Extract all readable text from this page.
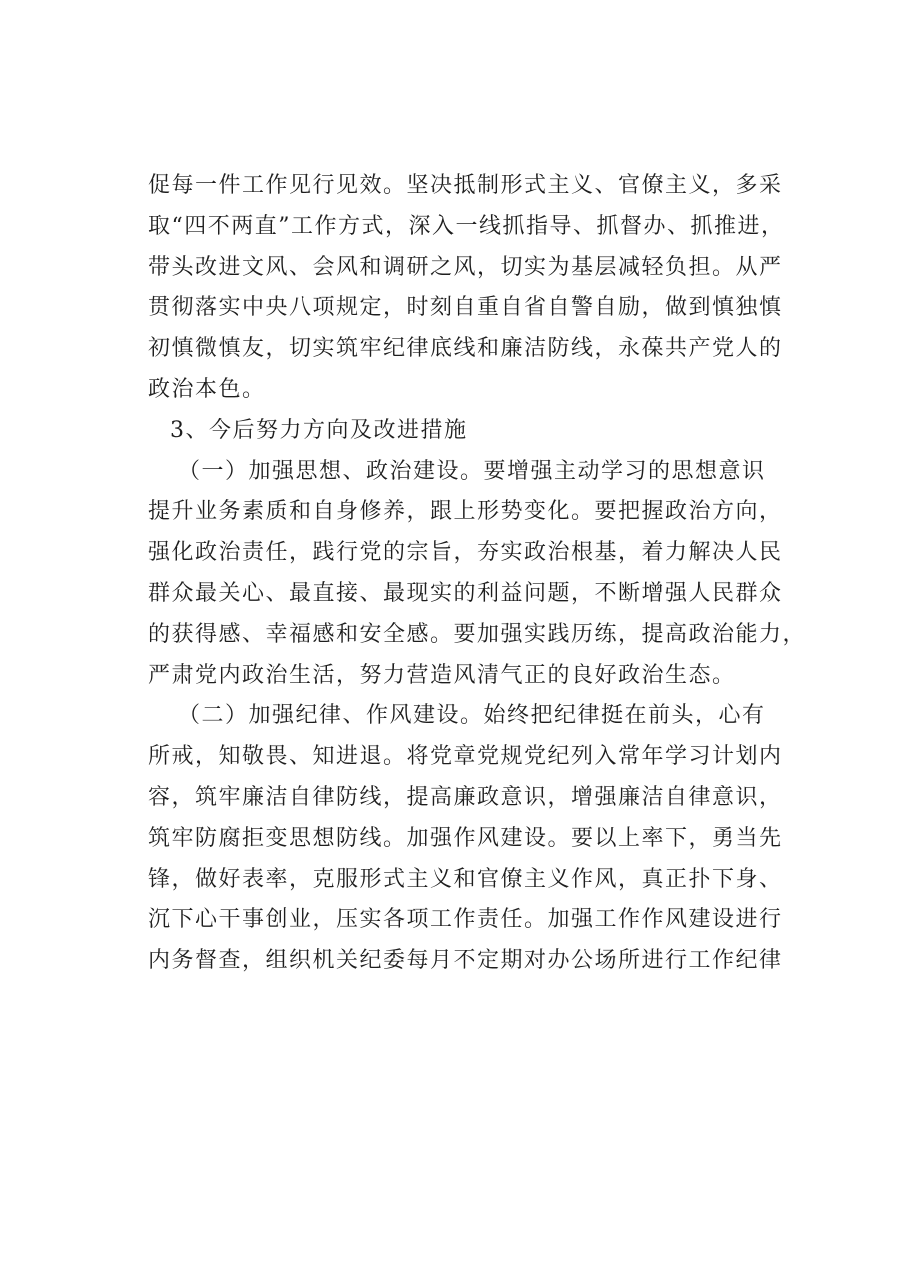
促每一件工作见行见效。坚决抵制形式主义、官僚主义，多采
取“四不两直”工作方式，深入一线抓指导、抓督办、抓推进，
带头改进文风、会风和调研之风，切实为基层减轻负担。从严
贯彻落实中央八项规定，时刻自重自省自警自励，做到慎独慎
初慎微慎友，切实筑牢纪律底线和廉洁防线，永葆共产党人的
政治本色。
3、今后努力方向及改进措施
（一）加强思想、政治建设。要增强主动学习的思想意识
提升业务素质和自身修养，跟上形势变化。要把握政治方向，
强化政治责任，践行党的宗旨，夯实政治根基，着力解决人民
群众最关心、最直接、最现实的利益问题，不断增强人民群众
的获得感、幸福感和安全感。要加强实践历练，提高政治能力，
严肃党内政治生活，努力营造风清气正的良好政治生态。
（二）加强纪律、作风建设。始终把纪律挺在前头，心有
所戒，知敬畏、知进退。将党章党规党纪列入常年学习计划内
容，筑牢廉洁自律防线，提高廉政意识，增强廉洁自律意识，
筑牢防腐拒变思想防线。加强作风建设。要以上率下，勇当先
锋，做好表率，克服形式主义和官僚主义作风，真正扑下身、
沉下心干事创业，压实各项工作责任。加强工作作风建设进行
内务督查，组织机关纪委每月不定期对办公场所进行工作纪律
